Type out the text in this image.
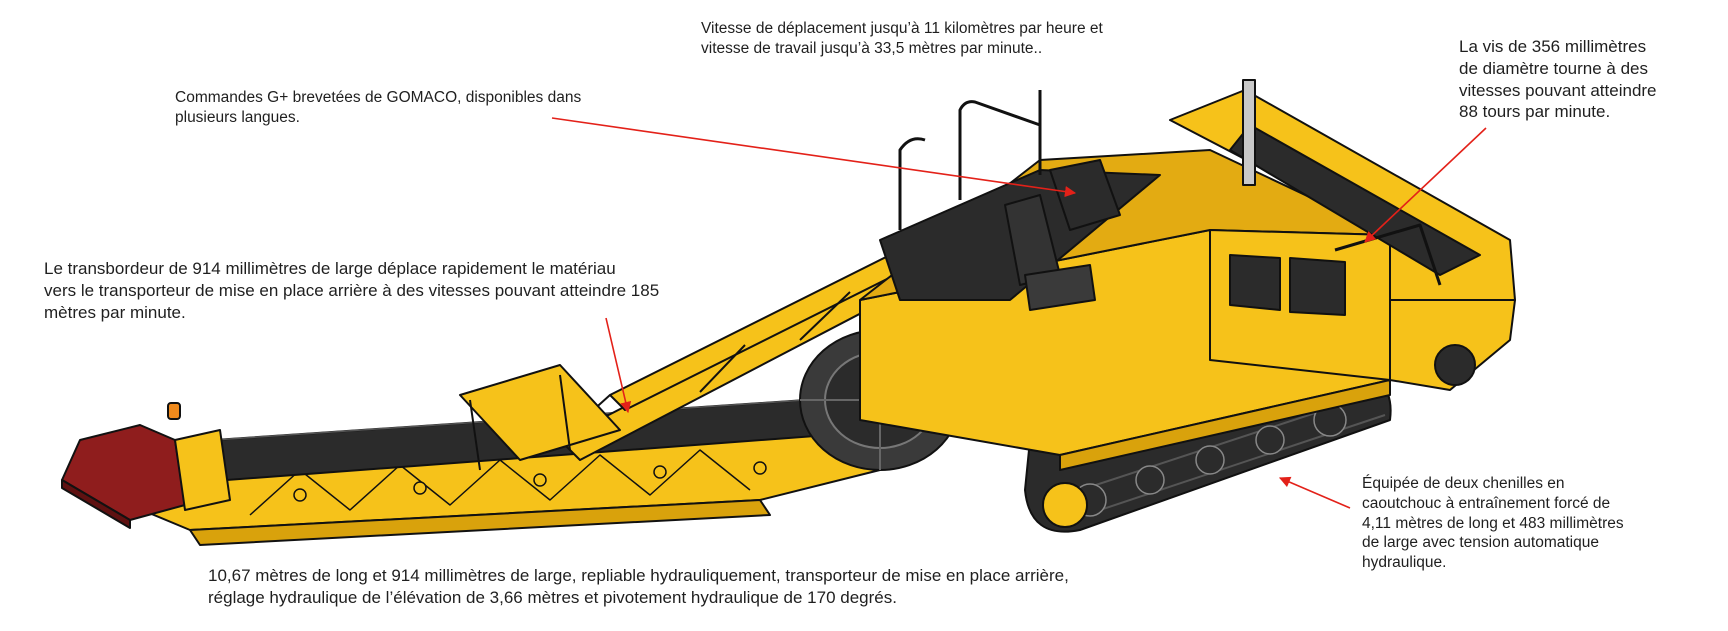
Vitesse de déplacement jusqu’à 11 kilomètres par heure et
vitesse de travail jusqu’à 33,5 mètres par minute..

Commandes G+ brevetées de GOMACO, disponibles dans
plusieurs langues.

La vis de 356 millimètres
de diamètre tourne à des
vitesses pouvant atteindre
88 tours par minute.

Le transbordeur de 914 millimètres de large déplace rapidement le matériau
vers le transporteur de mise en place arrière à des vitesses pouvant atteindre 185
mètres par minute.

Équipée de deux chenilles en
caoutchouc à entraînement forcé de
4,11 mètres de long et 483 millimètres
de large avec tension automatique
hydraulique.

10,67 mètres de long et 914 millimètres de large, repliable hydrauliquement, transporteur de mise en place arrière,
réglage hydraulique de l’élévation de 3,66 mètres et pivotement hydraulique de 170 degrés.
